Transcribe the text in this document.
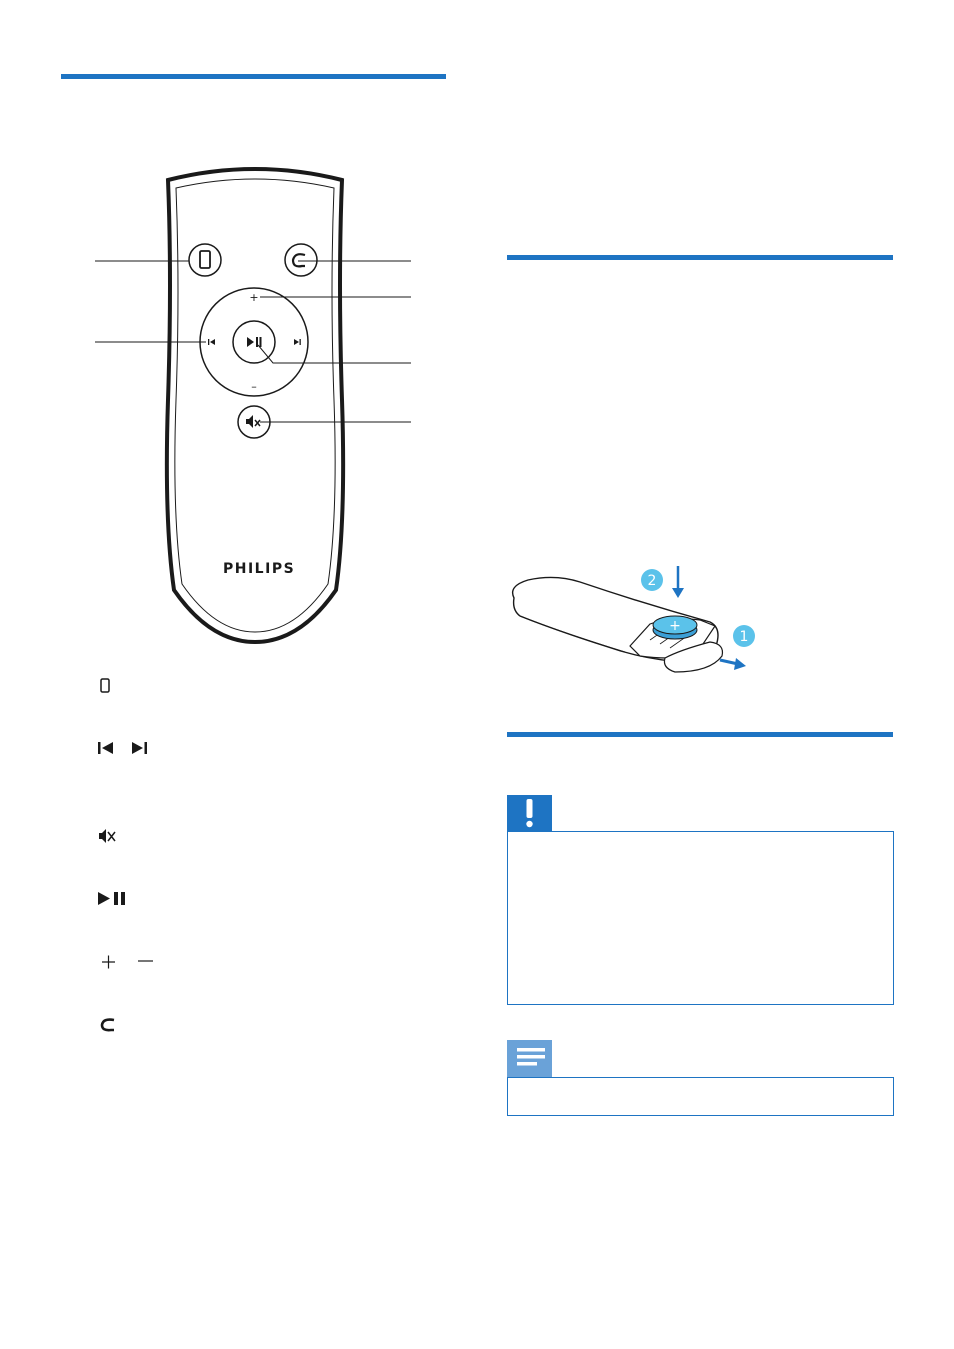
+
–
PHILIPS
+
2
1
